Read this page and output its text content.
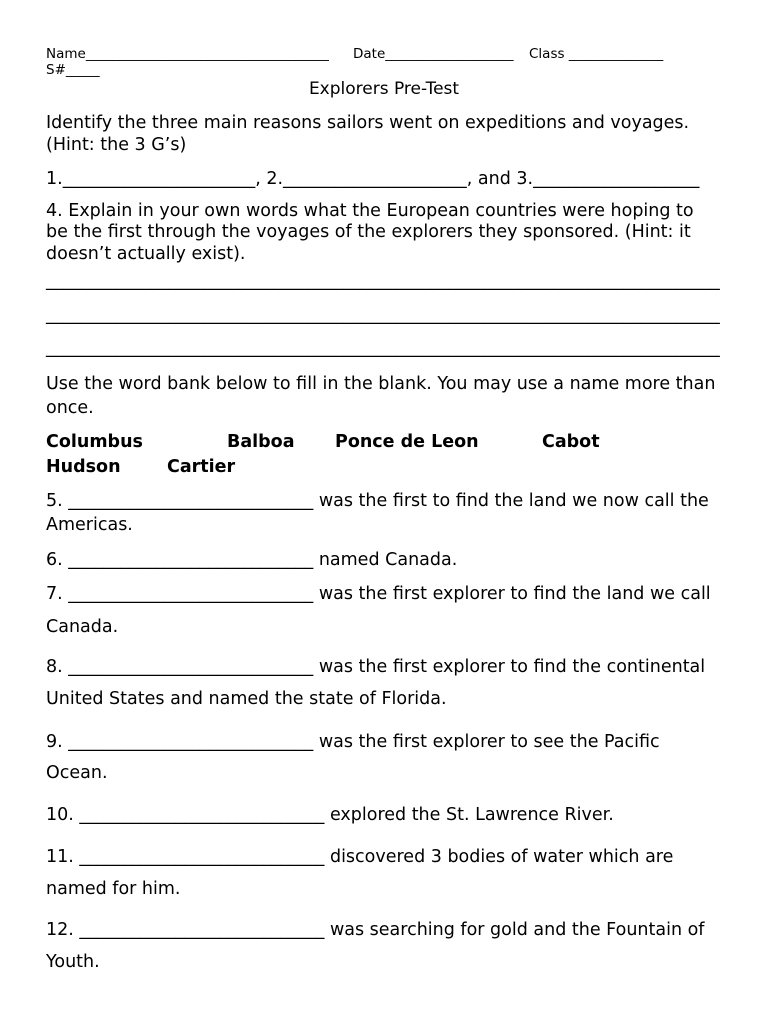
Name____________________________________ Date___________________ Class ______________
S#_____
Explorers Pre-Test
Identify the three main reasons sailors went on expeditions and voyages.
(Hint: the 3 G’s)
1.______________________, 2._____________________, and 3.___________________
4. Explain in your own words what the European countries were hoping to
be the first through the voyages of the explorers they sponsored. (Hint: it
doesn’t actually exist).
_____________________________________________________________________________
_____________________________________________________________________________
_____________________________________________________________________________
Use the word bank below to fill in the blank. You may use a name more than
once.
Columbus	Balboa Ponce de Leon	Cabot
Hudson	Cartier
5. ____________________________ was the first to find the land we now call the
Americas.
6. ____________________________ named Canada.
7. ____________________________ was the first explorer to find the land we call
Canada.
8. ____________________________ was the first explorer to find the continental
United States and named the state of Florida.
9. ____________________________ was the first explorer to see the Pacific
Ocean.
10. ____________________________ explored the St. Lawrence River.
11. ____________________________ discovered 3 bodies of water which are
named for him.
12. ____________________________ was searching for gold and the Fountain of
Youth.
